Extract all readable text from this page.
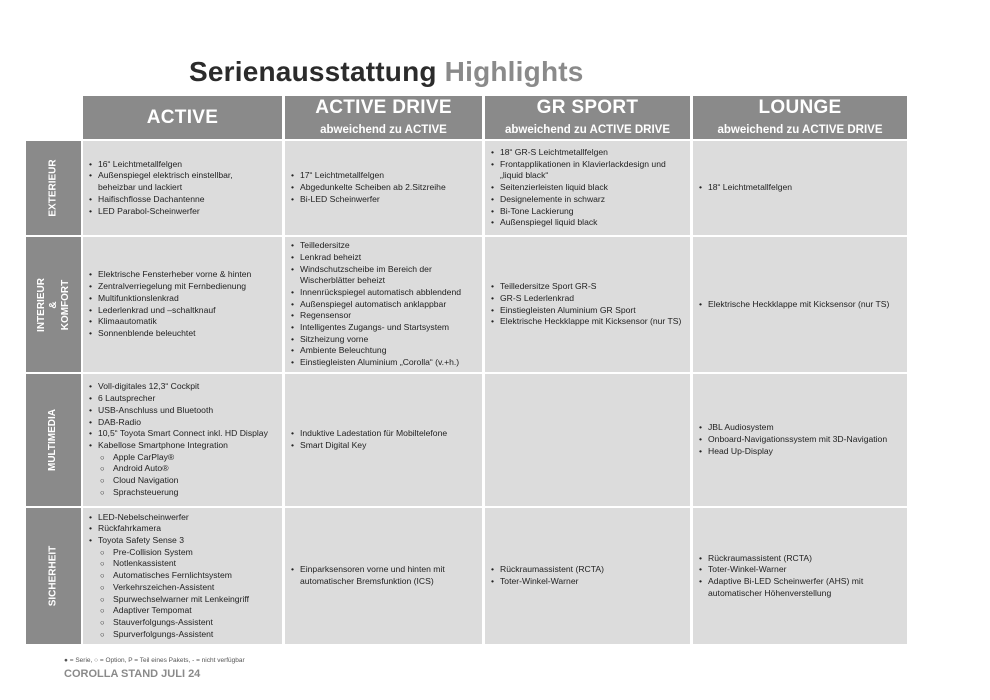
Serienausstattung Highlights
ACTIVE	ACTIVE DRIVE
abweichend zu ACTIVE
GR SPORT
abweichend zu ACTIVE DRIVE
LOUNGE
abweichend zu ACTIVE DRIVE
EXTERIEUR
•	16“ Leichtmetallfelgen
• Außenspiegel elektrisch einstellbar,
beheizbar und lackiert
• Haifischflosse Dachantenne
• LED Parabol-Scheinwerfer
• 17“ Leichtmetallfelgen
• Abgedunkelte Scheiben ab 2.Sitzreihe
• Bi-LED Scheinwerfer
• 18“ GR-S Leichtmetallfelgen
• Frontapplikationen in Klavierlackdesign und
„liquid black“
• Seitenzierleisten liquid black
• Designelemente in schwarz
• Bi-Tone Lackierung
• Außenspiegel liquid black
• 18“ Leichtmetallfelgen
INTERIEUR & KOMFORT
• Elektrische Fensterheber vorne & hinten
• Zentralverriegelung mit Fernbedienung
• Multifunktionslenkrad
• Lederlenkrad und –schaltknauf
• Klimaautomatik
• Sonnenblende beleuchtet
• Teilledersitze
• Lenkrad beheizt
• Windschutzscheibe im Bereich der
Wischerblätter beheizt
• Innenrückspiegel automatisch abblendend
• Außenspiegel automatisch anklappbar
• Regensensor
• Intelligentes Zugangs- und Startsystem
• Sitzheizung vorne
• Ambiente Beleuchtung
• Einstiegleisten Aluminium „Corolla“ (v.+h.)
• Teilledersitze Sport GR-S
• GR-S Lederlenkrad
• Einstiegleisten Aluminium GR Sport
• Elektrische Heckklappe mit Kicksensor (nur TS)
• Elektrische Heckklappe mit Kicksensor (nur TS)
MULTIMEDIA
• Voll-digitales 12,3“ Cockpit
• 6 Lautsprecher
• USB-Anschluss und Bluetooth
• DAB-Radio
• 10,5“ Toyota Smart Connect inkl. HD Display
• Kabellose Smartphone Integration
○ Apple CarPlay®
○ Android Auto®
○ Cloud Navigation
○ Sprachsteuerung
• Induktive Ladestation für Mobiltelefone
• Smart Digital Key
• JBL Audiosystem
• Onboard-Navigationssystem mit 3D-Navigation
• Head Up-Display
SICHERHEIT
• LED-Nebelscheinwerfer
• Rückfahrkamera
• Toyota Safety Sense 3
○ Pre-Collision System
○ Notlenkassistent
○ Automatisches Fernlichtsystem
○ Verkehrszeichen-Assistent
○ Spurwechselwarner mit Lenkeingriff
○ Adaptiver Tempomat
○ Stauverfolgungs-Assistent
○ Spurverfolgungs-Assistent
• Einparksensoren vorne und hinten mit
automatischer Bremsfunktion (ICS)
• Rückraumassistent (RCTA)
• Toter-Winkel-Warner
• Rückraumassistent (RCTA)
• Toter-Winkel-Warner
• Adaptive Bi-LED Scheinwerfer (AHS) mit
automatischer Höhenverstellung
● = Serie, ○ = Option, P = Teil eines Pakets, - = nicht verfügbar
COROLLA STAND JULI 24
